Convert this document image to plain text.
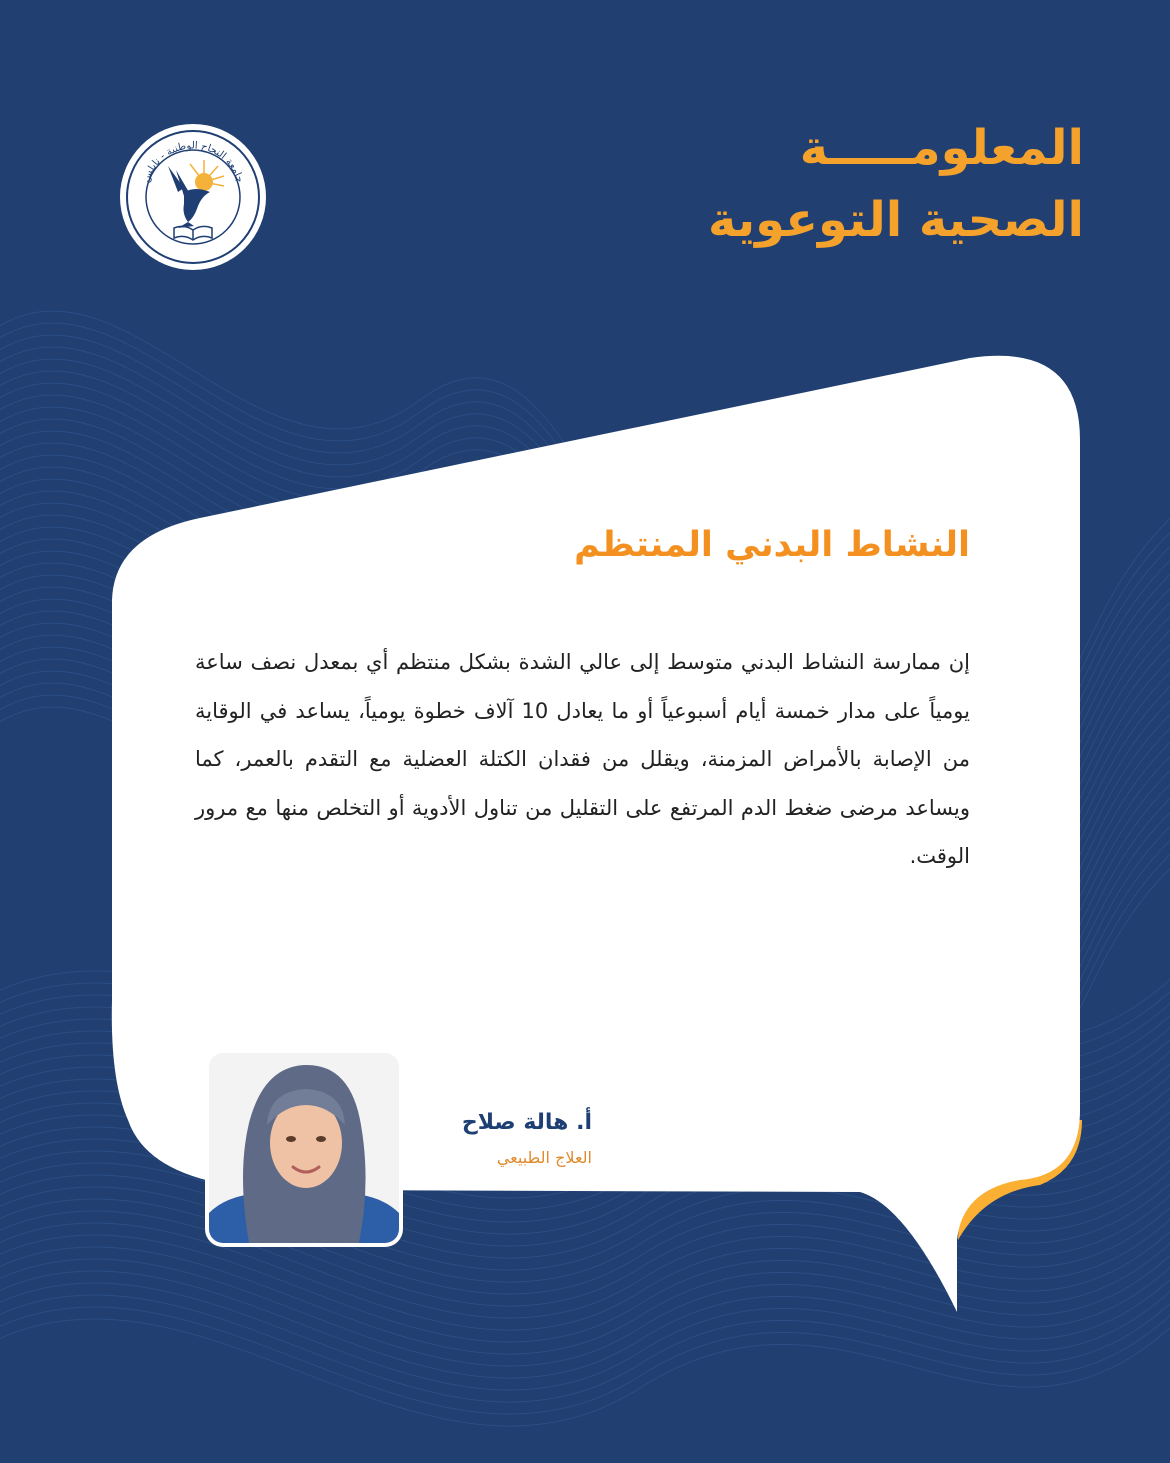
جامعة النجاح الوطنية - نابلس
المعلومـــــة
الصحية التوعوية
النشاط البدني المنتظم
إن ممارسة النشاط البدني متوسط إلى عالي الشدة بشكل منتظم أي بمعدل نصف ساعة يومياً على مدار خمسة أيام أسبوعياً أو ما يعادل 10 آلاف خطوة يومياً، يساعد في الوقاية من الإصابة بالأمراض المزمنة، ويقلل من فقدان الكتلة العضلية مع التقدم بالعمر، كما ويساعد مرضى ضغط الدم المرتفع على التقليل من تناول الأدوية أو التخلص منها مع مرور الوقت.
أ. هالة صلاح
العلاج الطبيعي
